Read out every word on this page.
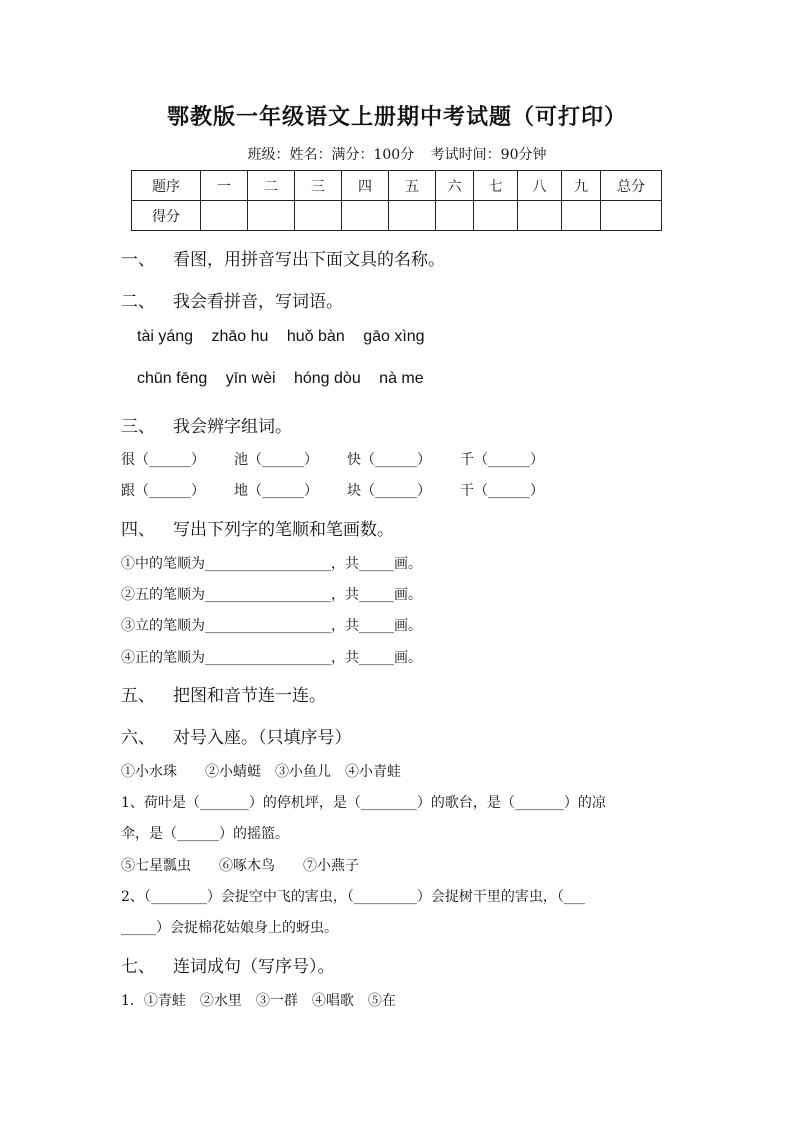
鄂教版一年级语文上册期中考试题（可打印）
班级：姓名：满分：100分 考试时间：90分钟
题序	一	二	三	四	五	六	七	八	九	总分
得分										
一、 看图，用拼音写出下面文具的名称。
二、 我会看拼音，写词语。
tài yáng zhāo hu huǒ bàn gāo xìng
chūn fēng yīn wèi hóng dòu nà me
三、 我会辨字组词。
很（______） 池（______） 快（______） 千（______）
跟（______） 地（______） 块（______） 干（______）
四、 写出下列字的笔顺和笔画数。
①中的笔顺为__________________，共_____画。
②五的笔顺为__________________，共_____画。
③立的笔顺为__________________，共_____画。
④正的笔顺为__________________，共_____画。
五、 把图和音节连一连。
六、 对号入座。（只填序号）
①小水珠　　②小蜻蜓　③小鱼儿　④小青蛙
1、荷叶是（_______）的停机坪，是（________）的歌台，是（_______）的凉
伞，是（______）的摇篮。
⑤七星瓢虫　　⑥啄木鸟　　⑦小燕子
2、（________）会捉空中飞的害虫，（_________）会捉树干里的害虫，（___
_____）会捉棉花姑娘身上的蚜虫。
七、 连词成句（写序号）。
1．①青蛙　②水里　③一群　④唱歌　⑤在
